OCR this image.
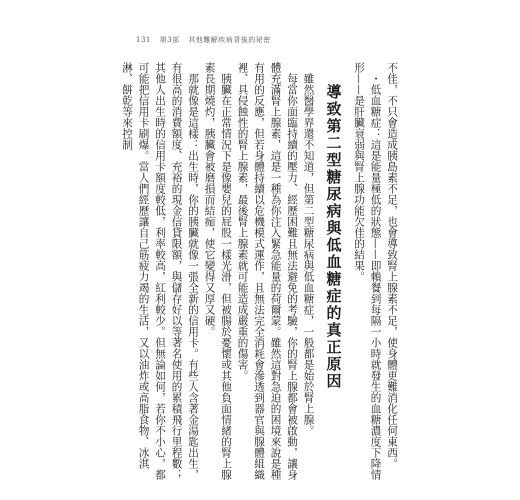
131 第3部 其他難解疾病背後的祕密

不佳，不只會造成胰島素不足，也會導致腎上腺素不足，使身體更難消化任何東西。

・低血糖症：這是能量極低的狀態——即賴餐到每隔一小時就發生的血糖濃度下降情形——是肝臟衰弱與腎上腺功能欠佳的結果。

導致第二型糖尿病與低血糖症的真正原因

雖然醫學界還不知道，但第二型糖尿病與低血糖症，一般都是始於腎上腺。

每當你面臨持續的壓力、經歷困難且無法避免的考驗，你的腎上腺都會被啟動，讓身體充滿腎上腺素，這是一種為你注入緊急能量的荷爾蒙。雖然這對急迫的困境來說是種有用的反應，但若身體持續以危機模式運作，且無法完全消耗會滲透到器官與腺體組織裡、具侵蝕性的腎上腺素，最後腎上腺素就可能造成嚴重的傷害。

胰臟在正常情況下是像嬰兒的屁股一樣光滑，但被腸於憂懷或其他負面情緒的腎上腺素長期燒灼，胰臟會被磨損而結痂，使它變得又厚又硬。

那就像是這樣：出生時，你的胰臟就像一張全新的信用卡。有些人含著金湯匙出生，有很高的消費額度、充裕的現金信貸限額，與儲存好以等著名使用的累積飛行里程數；其他人出生時的信用卡額度較低，利率較高，紅利較少。但無論如何，若你不小心，都可能把信用卡刷爆。當人們經歷讓自己筋疲力竭的生活，又以油炸或高脂食物、冰淇淋、餅乾等來控制
